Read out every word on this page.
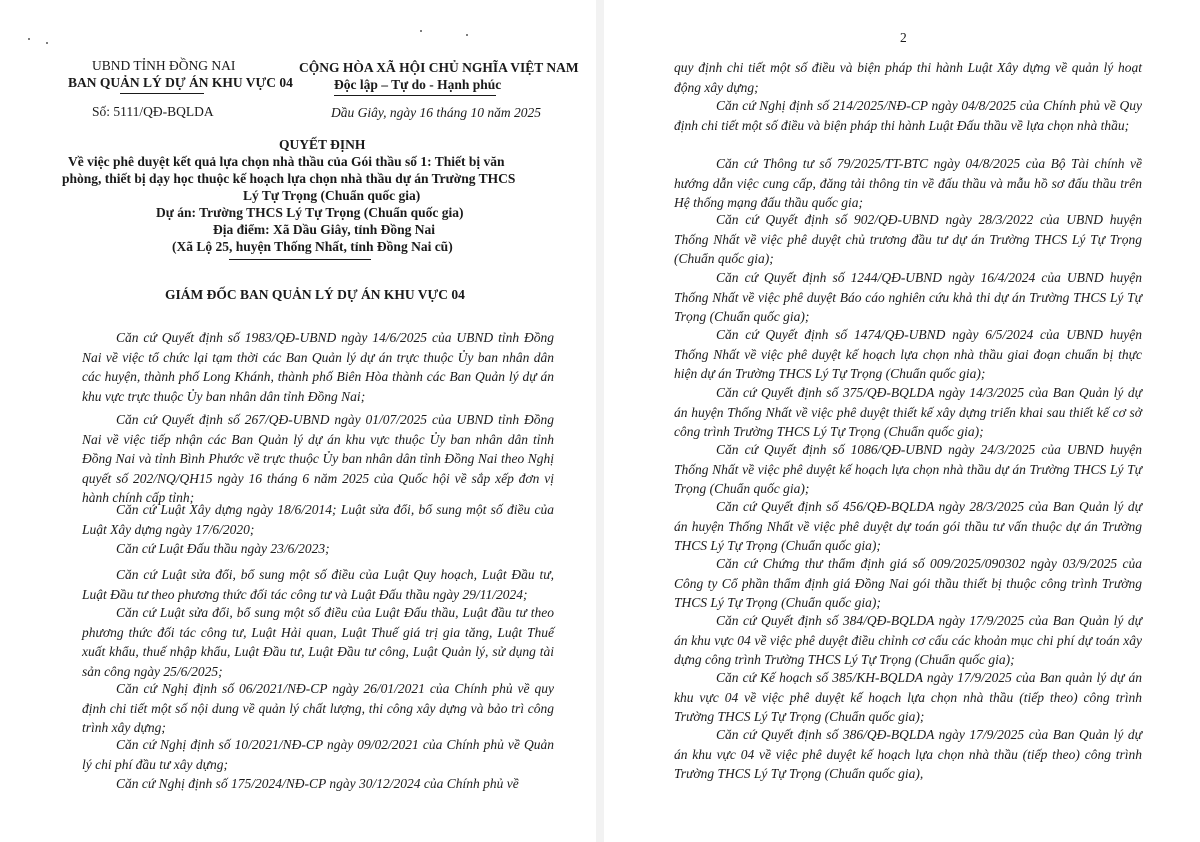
UBND TỈNH ĐỒNG NAI
BAN QUẢN LÝ DỰ ÁN KHU VỰC 04
CỘNG HÒA XÃ HỘI CHỦ NGHĨA VIỆT NAM
Độc lập – Tự do - Hạnh phúc
Số: 5111/QĐ-BQLDA	Dầu Giây, ngày 16 tháng 10 năm 2025
QUYẾT ĐỊNH
Về việc phê duyệt kết quả lựa chọn nhà thầu của Gói thầu số 1: Thiết bị văn
phòng, thiết bị dạy học thuộc kế hoạch lựa chọn nhà thầu dự án Trường THCS
Lý Tự Trọng (Chuẩn quốc gia)
Dự án: Trường THCS Lý Tự Trọng (Chuẩn quốc gia)
Địa điểm: Xã Dầu Giây, tỉnh Đồng Nai
(Xã Lộ 25, huyện Thống Nhất, tỉnh Đồng Nai cũ)
GIÁM ĐỐC BAN QUẢN LÝ DỰ ÁN KHU VỰC 04
Căn cứ Quyết định số 1983/QĐ-UBND ngày 14/6/2025 của UBND tỉnh Đồng Nai về việc tổ chức lại tạm thời các Ban Quản lý dự án trực thuộc Ủy ban nhân dân các huyện, thành phố Long Khánh, thành phố Biên Hòa thành các Ban Quản lý dự án khu vực trực thuộc Ủy ban nhân dân tỉnh Đồng Nai;
Căn cứ Quyết định số 267/QĐ-UBND ngày 01/07/2025 của UBND tỉnh Đồng Nai về việc tiếp nhận các Ban Quản lý dự án khu vực thuộc Ủy ban nhân dân tỉnh Đồng Nai và tỉnh Bình Phước về trực thuộc Ủy ban nhân dân tỉnh Đồng Nai theo Nghị quyết số 202/NQ/QH15 ngày 16 tháng 6 năm 2025 của Quốc hội về sắp xếp đơn vị hành chính cấp tỉnh;
Căn cứ Luật Xây dựng ngày 18/6/2014; Luật sửa đổi, bổ sung một số điều của Luật Xây dựng ngày 17/6/2020;
Căn cứ Luật Đấu thầu ngày 23/6/2023;
Căn cứ Luật sửa đổi, bổ sung một số điều của Luật Quy hoạch, Luật Đầu tư, Luật Đầu tư theo phương thức đối tác công tư và Luật Đấu thầu ngày 29/11/2024;
Căn cứ Luật sửa đổi, bổ sung một số điều của Luật Đấu thầu, Luật đầu tư theo phương thức đối tác công tư, Luật Hải quan, Luật Thuế giá trị gia tăng, Luật Thuế xuất khẩu, thuế nhập khẩu, Luật Đầu tư, Luật Đầu tư công, Luật Quản lý, sử dụng tài sản công ngày 25/6/2025;
Căn cứ Nghị định số 06/2021/NĐ-CP ngày 26/01/2021 của Chính phủ về quy định chi tiết một số nội dung về quản lý chất lượng, thi công xây dựng và bảo trì công trình xây dựng;
Căn cứ Nghị định số 10/2021/NĐ-CP ngày 09/02/2021 của Chính phủ về Quản lý chi phí đầu tư xây dựng;
Căn cứ Nghị định số 175/2024/NĐ-CP ngày 30/12/2024 của Chính phủ về
2
quy định chi tiết một số điều và biện pháp thi hành Luật Xây dựng về quản lý hoạt động xây dựng;
Căn cứ Nghị định số 214/2025/NĐ-CP ngày 04/8/2025 của Chính phủ về Quy định chi tiết một số điều và biện pháp thi hành Luật Đấu thầu về lựa chọn nhà thầu;
Căn cứ Thông tư số 79/2025/TT-BTC ngày 04/8/2025 của Bộ Tài chính về hướng dẫn việc cung cấp, đăng tải thông tin về đấu thầu và mẫu hồ sơ đấu thầu trên Hệ thống mạng đấu thầu quốc gia;
Căn cứ Quyết định số 902/QĐ-UBND ngày 28/3/2022 của UBND huyện Thống Nhất về việc phê duyệt chủ trương đầu tư dự án Trường THCS Lý Tự Trọng (Chuẩn quốc gia);
Căn cứ Quyết định số 1244/QĐ-UBND ngày 16/4/2024 của UBND huyện Thống Nhất về việc phê duyệt Báo cáo nghiên cứu khả thi dự án Trường THCS Lý Tự Trọng (Chuẩn quốc gia);
Căn cứ Quyết định số 1474/QĐ-UBND ngày 6/5/2024 của UBND huyện Thống Nhất về việc phê duyệt kế hoạch lựa chọn nhà thầu giai đoạn chuẩn bị thực hiện dự án Trường THCS Lý Tự Trọng (Chuẩn quốc gia);
Căn cứ Quyết định số 375/QĐ-BQLDA ngày 14/3/2025 của Ban Quản lý dự án huyện Thống Nhất về việc phê duyệt thiết kế xây dựng triển khai sau thiết kế cơ sở công trình Trường THCS Lý Tự Trọng (Chuẩn quốc gia);
Căn cứ Quyết định số 1086/QĐ-UBND ngày 24/3/2025 của UBND huyện Thống Nhất về việc phê duyệt kế hoạch lựa chọn nhà thầu dự án Trường THCS Lý Tự Trọng (Chuẩn quốc gia);
Căn cứ Quyết định số 456/QĐ-BQLDA ngày 28/3/2025 của Ban Quản lý dự án huyện Thống Nhất về việc phê duyệt dự toán gói thầu tư vấn thuộc dự án Trường THCS Lý Tự Trọng (Chuẩn quốc gia);
Căn cứ Chứng thư thẩm định giá số 009/2025/090302 ngày 03/9/2025 của Công ty Cổ phần thẩm định giá Đồng Nai gói thầu thiết bị thuộc công trình Trường THCS Lý Tự Trọng (Chuẩn quốc gia);
Căn cứ Quyết định số 384/QĐ-BQLDA ngày 17/9/2025 của Ban Quản lý dự án khu vực 04 về việc phê duyệt điều chỉnh cơ cấu các khoản mục chi phí dự toán xây dựng công trình Trường THCS Lý Tự Trọng (Chuẩn quốc gia);
Căn cứ Kế hoạch số 385/KH-BQLDA ngày 17/9/2025 của Ban quản lý dự án khu vực 04 về việc phê duyệt kế hoạch lựa chọn nhà thầu (tiếp theo) công trình Trường THCS Lý Tự Trọng (Chuẩn quốc gia);
Căn cứ Quyết định số 386/QĐ-BQLDA ngày 17/9/2025 của Ban Quản lý dự án khu vực 04 về việc phê duyệt kế hoạch lựa chọn nhà thầu (tiếp theo) công trình Trường THCS Lý Tự Trọng (Chuẩn quốc gia),
